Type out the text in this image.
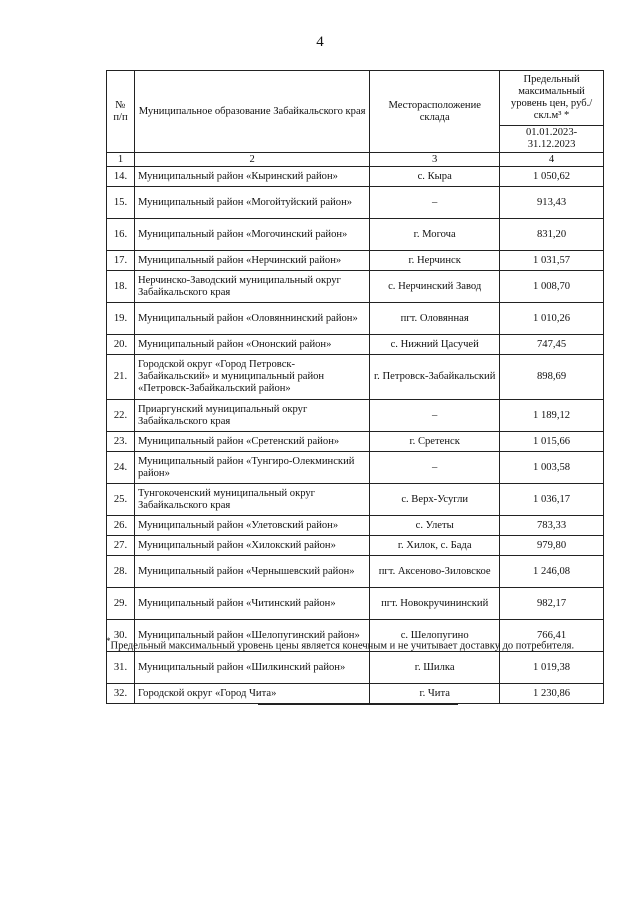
4
№ п/п	Муниципальное образование Забайкальского края	Месторасположение склада	Предельный максимальный уровень цен, руб./скл.м³ *
			01.01.2023-31.12.2023
1	2	3	4
14.	Муниципальный район «Кыринский район»	с. Кыра	1 050,62
15.	Муниципальный район «Могойтуйский район»	–	913,43
16.	Муниципальный район «Могочинский район»	г. Могоча	831,20
17.	Муниципальный район «Нерчинский район»	г. Нерчинск	1 031,57
18.	Нерчинско-Заводский муниципальный округ Забайкальского края	с. Нерчинский Завод	1 008,70
19.	Муниципальный район «Оловяннинский район»	пгт. Оловянная	1 010,26
20.	Муниципальный район «Ононский район»	с. Нижний Цасучей	747,45
21.	Городской округ «Город Петровск-Забайкальский» и муниципальный район «Петровск-Забайкальский район»	г. Петровск-Забайкальский	898,69
22.	Приаргунский муниципальный округ Забайкальского края	–	1 189,12
23.	Муниципальный район «Сретенский район»	г. Сретенск	1 015,66
24.	Муниципальный район «Тунгиро-Олекминский район»	–	1 003,58
25.	Тунгокоченский муниципальный округ Забайкальского края	с. Верх-Усугли	1 036,17
26.	Муниципальный район «Улетовский район»	с. Улеты	783,33
27.	Муниципальный район «Хилокский район»	г. Хилок, с. Бада	979,80
28.	Муниципальный район «Чернышевский район»	пгт. Аксеново-Зиловское	1 246,08
29.	Муниципальный район «Читинский район»	пгт. Новокручининский	982,17
30.	Муниципальный район «Шелопугинский район»	с. Шелопугино	766,41
31.	Муниципальный район «Шилкинский район»	г. Шилка	1 019,38
32.	Городской округ «Город Чита»	г. Чита	1 230,86
*Предельный максимальный уровень цены является конечным и не учитывает доставку до потребителя.
